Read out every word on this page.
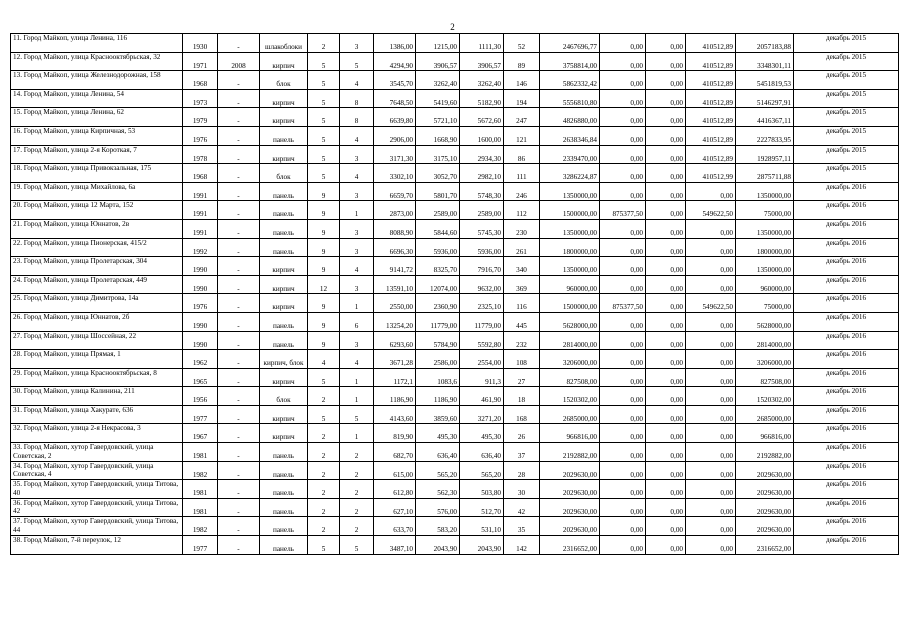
2
11. Город Майкоп, улица Ленина, 116	1930	-	шлакоблоки	2	3	1386,00	1215,00	1111,30	52	2467696,77	0,00	0,00	410512,89	2057183,88	декабрь 2015
12. Город Майкоп, улица Краснооктябрьская, 32	1971	2008	кирпич	5	5	4294,90	3906,57	3906,57	89	3758814,00	0,00	0,00	410512,89	3348301,11	декабрь 2015
13. Город Майкоп, улица Железнодорожная, 158	1968	-	блок	5	4	3545,70	3262,40	3262,40	146	5862332,42	0,00	0,00	410512,89	5451819,53	декабрь 2015
14. Город Майкоп, улица Ленина, 54	1973	-	кирпич	5	8	7648,50	5419,60	5182,90	194	5556810,80	0,00	0,00	410512,89	5146297,91	декабрь 2015
15. Город Майкоп, улица Ленина, 62	1979	-	кирпич	5	8	6639,80	5721,10	5672,60	247	4826880,00	0,00	0,00	410512,89	4416367,11	декабрь 2015
16. Город Майкоп, улица Кирпичная, 53	1976	-	панель	5	4	2906,00	1668,90	1600,00	121	2638346,84	0,00	0,00	410512,89	2227833,95	декабрь 2015
17. Город Майкоп, улица 2-я Короткая, 7	1978	-	кирпич	5	3	3171,30	3175,10	2934,30	86	2339470,00	0,00	0,00	410512,89	1928957,11	декабрь 2015
18. Город Майкоп, улица Привокзальная, 175	1968	-	блок	5	4	3302,10	3052,70	2982,10	111	3286224,87	0,00	0,00	410512,99	2875711,88	декабрь 2015
19. Город Майкоп, улица Михайлова, 6а	1991	-	панель	9	3	6659,70	5801,70	5748,30	246	1350000,00	0,00	0,00	0,00	1350000,00	декабрь 2016
20. Город Майкоп, улица 12 Марта, 152	1991	-	панель	9	1	2873,00	2589,00	2589,00	112	1500000,00	875377,50	0,00	549622,50	75000,00	декабрь 2016
21. Город Майкоп, улица Юннатов, 2в	1991	-	панель	9	3	8088,90	5844,60	5745,30	230	1350000,00	0,00	0,00	0,00	1350000,00	декабрь 2016
22. Город Майкоп, улица Пионерская, 415/2	1992	-	панель	9	3	6696,30	5936,00	5936,00	261	1800000,00	0,00	0,00	0,00	1800000,00	декабрь 2016
23. Город Майкоп, улица Пролетарская, 304	1990	-	кирпич	9	4	9141,72	8325,70	7916,70	340	1350000,00	0,00	0,00	0,00	1350000,00	декабрь 2016
24. Город Майкоп, улица Пролетарская, 449	1990	-	кирпич	12	3	13591,10	12074,00	9632,00	369	960000,00	0,00	0,00	0,00	960000,00	декабрь 2016
25. Город Майкоп, улица Димитрова, 14а	1976	-	кирпич	9	1	2550,00	2360,90	2325,10	116	1500000,00	875377,50	0,00	549622,50	75000,00	декабрь 2016
26. Город Майкоп, улица Юннатов, 2б	1990	-	панель	9	6	13254,20	11779,00	11779,00	445	5628000,00	0,00	0,00	0,00	5628000,00	декабрь 2016
27. Город Майкоп, улица Шоссейная, 22	1990	-	панель	9	3	6293,60	5784,90	5592,80	232	2814000,00	0,00	0,00	0,00	2814000,00	декабрь 2016
28. Город Майкоп, улица Прямая, 1	1962	-	кирпич, блок	4	4	3671,28	2586,00	2554,00	108	3206000,00	0,00	0,00	0,00	3206000,00	декабрь 2016
29. Город Майкоп, улица Краснооктябрьская, 8	1965	-	кирпич	5	1	1172,1	1083,6	911,3	27	827508,00	0,00	0,00	0,00	827508,00	декабрь 2016
30. Город Майкоп, улица Калинина, 211	1956	-	блок	2	1	1186,90	1186,90	461,90	18	1520302,00	0,00	0,00	0,00	1520302,00	декабрь 2016
31. Город Майкоп, улица Хакурате, 636	1977	-	кирпич	5	5	4143,60	3859,60	3271,20	168	2685000,00	0,00	0,00	0,00	2685000,00	декабрь 2016
32. Город Майкоп, улица 2-я Некрасова, 3	1967	-	кирпич	2	1	819,90	495,30	495,30	26	966816,00	0,00	0,00	0,00	966816,00	декабрь 2016
33. Город Майкоп, хутор Гавердовский, улица Советская, 2	1981	-	панель	2	2	682,70	636,40	636,40	37	2192882,00	0,00	0,00	0,00	2192882,00	декабрь 2016
34. Город Майкоп, хутор Гавердовский, улица Советская, 4	1982	-	панель	2	2	615,00	565,20	565,20	28	2029630,00	0,00	0,00	0,00	2029630,00	декабрь 2016
35. Город Майкоп, хутор Гавердовский, улица Титова, 40	1981	-	панель	2	2	612,80	562,30	503,80	30	2029630,00	0,00	0,00	0,00	2029630,00	декабрь 2016
36. Город Майкоп, хутор Гавердовский, улица Титова, 42	1981	-	панель	2	2	627,10	576,00	512,70	42	2029630,00	0,00	0,00	0,00	2029630,00	декабрь 2016
37. Город Майкоп, хутор Гавердовский, улица Титова, 44	1982	-	панель	2	2	633,70	583,20	531,10	35	2029630,00	0,00	0,00	0,00	2029630,00	декабрь 2016
38. Город Майкоп, 7-й переулок, 12	1977	-	панель	5	5	3487,10	2043,90	2043,90	142	2316652,00	0,00	0,00	0,00	2316652,00	декабрь 2016
